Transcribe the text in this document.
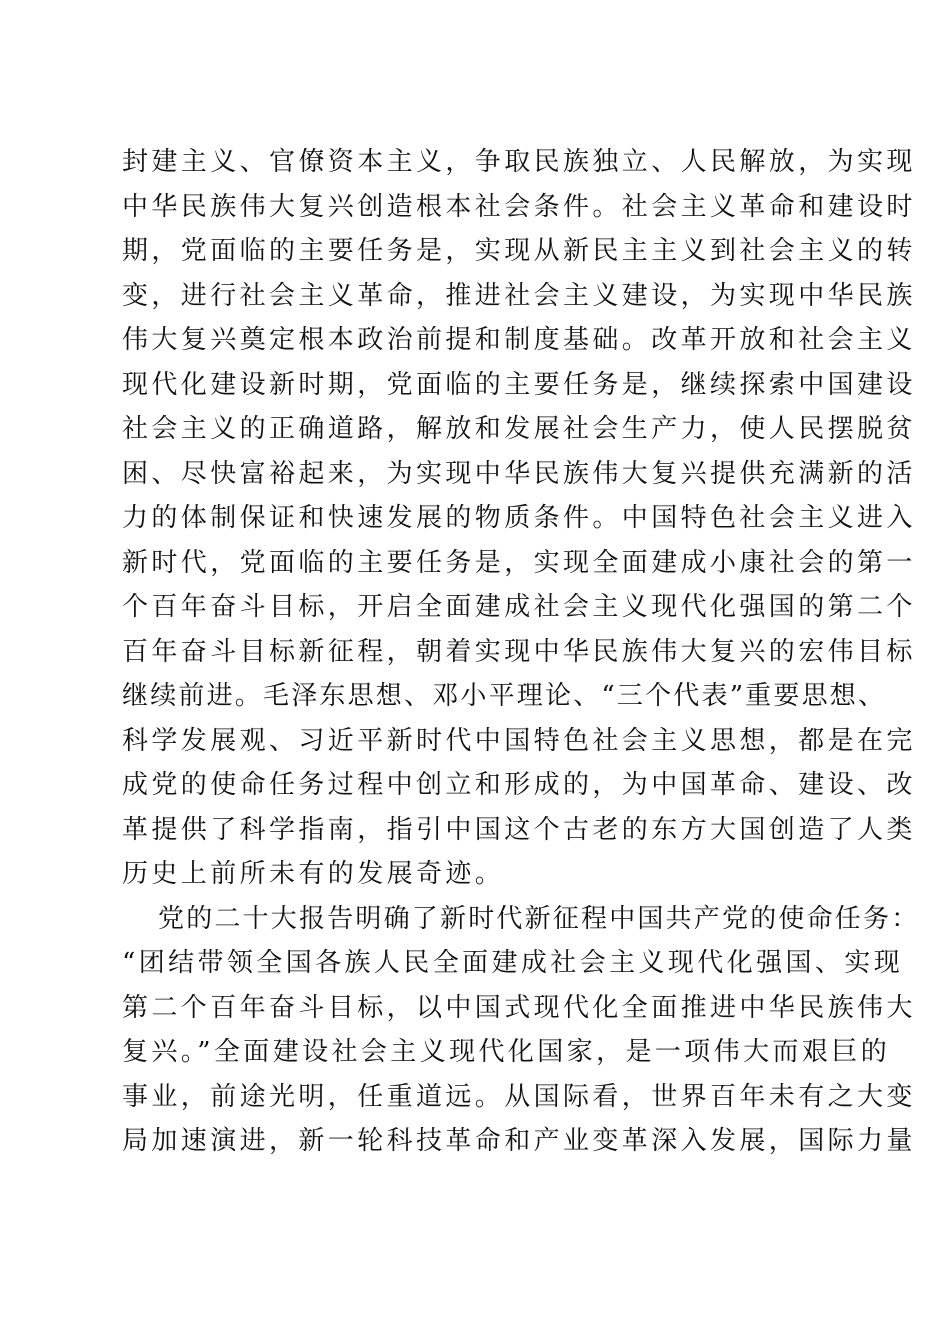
封建主义、官僚资本主义，争取民族独立、人民解放，为实现
中华民族伟大复兴创造根本社会条件。社会主义革命和建设时
期，党面临的主要任务是，实现从新民主主义到社会主义的转
变，进行社会主义革命，推进社会主义建设，为实现中华民族
伟大复兴奠定根本政治前提和制度基础。改革开放和社会主义
现代化建设新时期，党面临的主要任务是，继续探索中国建设
社会主义的正确道路，解放和发展社会生产力，使人民摆脱贫
困、尽快富裕起来，为实现中华民族伟大复兴提供充满新的活
力的体制保证和快速发展的物质条件。中国特色社会主义进入
新时代，党面临的主要任务是，实现全面建成小康社会的第一
个百年奋斗目标，开启全面建成社会主义现代化强国的第二个
百年奋斗目标新征程，朝着实现中华民族伟大复兴的宏伟目标
继续前进。毛泽东思想、邓小平理论、“三个代表”重要思想、
科学发展观、习近平新时代中国特色社会主义思想，都是在完
成党的使命任务过程中创立和形成的，为中国革命、建设、改
革提供了科学指南，指引中国这个古老的东方大国创造了人类
历史上前所未有的发展奇迹。
党的二十大报告明确了新时代新征程中国共产党的使命任务：
“团结带领全国各族人民全面建成社会主义现代化强国、实现
第二个百年奋斗目标，以中国式现代化全面推进中华民族伟大
复兴。”全面建设社会主义现代化国家，是一项伟大而艰巨的
事业，前途光明，任重道远。从国际看，世界百年未有之大变
局加速演进，新一轮科技革命和产业变革深入发展，国际力量
